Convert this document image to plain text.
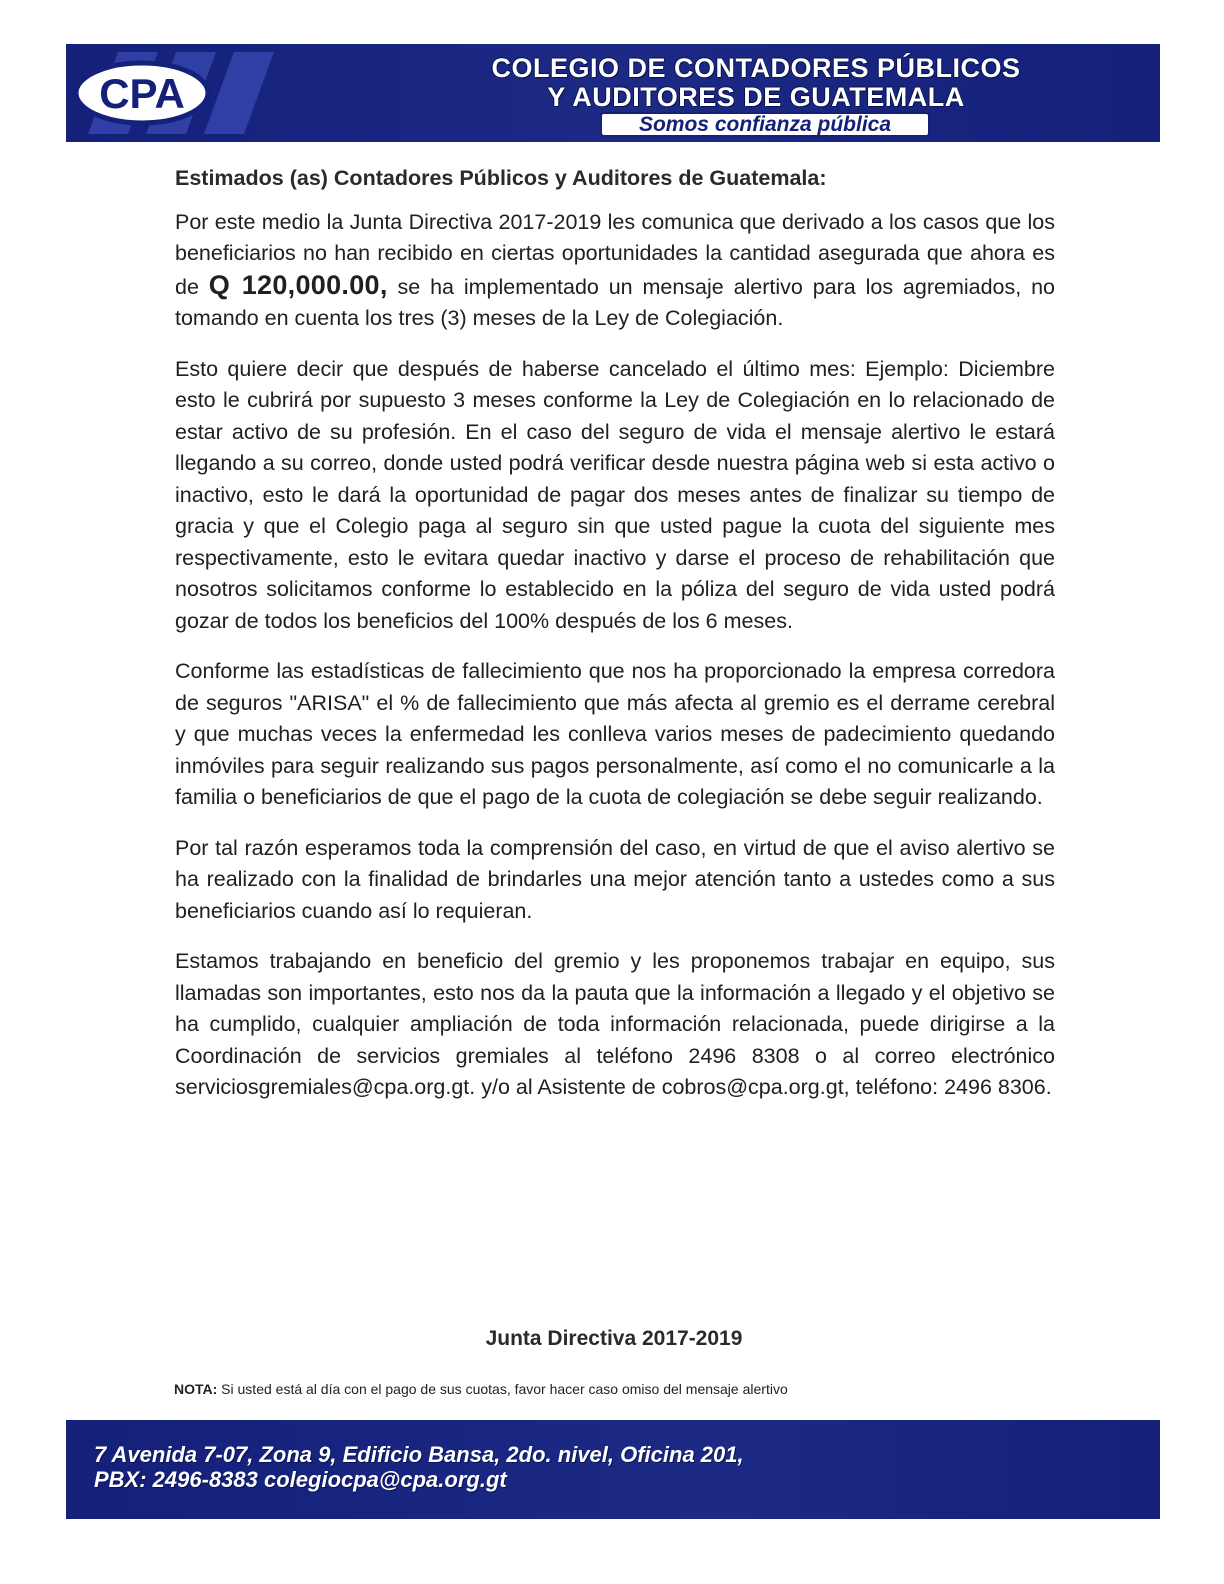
CPA
COLEGIO DE CONTADORES PÚBLICOS
Y AUDITORES DE GUATEMALA
Somos confianza pública
Estimados (as) Contadores Públicos y Auditores de Guatemala:

Por este medio la Junta Directiva 2017-2019 les comunica que derivado a los casos que los beneficiarios no han recibido en ciertas oportunidades la cantidad asegurada que ahora es de Q 120,000.00, se ha implementado un mensaje alertivo para los agremiados, no tomando en cuenta los tres (3) meses de la Ley de Colegiación.

Esto quiere decir que después de haberse cancelado el último mes: Ejemplo: Diciembre esto le cubrirá por supuesto 3 meses conforme la Ley de Colegiación en lo relacionado de estar activo de su profesión. En el caso del seguro de vida el mensaje alertivo le estará llegando a su correo, donde usted podrá verificar desde nuestra página web si esta activo o inactivo, esto le dará la oportunidad de pagar dos meses antes de finalizar su tiempo de gracia y que el Colegio paga al seguro sin que usted pague la cuota del siguiente mes respectivamente, esto le evitara quedar inactivo y darse el proceso de rehabilitación que nosotros solicitamos conforme lo establecido en la póliza del seguro de vida usted podrá gozar de todos los beneficios del 100% después de los 6 meses.

Conforme las estadísticas de fallecimiento que nos ha proporcionado la empresa corredora de seguros "ARISA" el % de fallecimiento que más afecta al gremio es el derrame cerebral y que muchas veces la enfermedad les conlleva varios meses de padecimiento quedando inmóviles para seguir realizando sus pagos personalmente, así como el no comunicarle a la familia o beneficiarios de que el pago de la cuota de colegiación se debe seguir realizando.

Por tal razón esperamos toda la comprensión del caso, en virtud de que el aviso alertivo se ha realizado con la finalidad de brindarles una mejor atención tanto a ustedes como a sus beneficiarios cuando así lo requieran.

Estamos trabajando en beneficio del gremio y les proponemos trabajar en equipo, sus llamadas son importantes, esto nos da la pauta que la información a llegado y el objetivo se ha cumplido, cualquier ampliación de toda información relacionada, puede dirigirse a la Coordinación de servicios gremiales al teléfono 2496 8308 o al correo electrónico serviciosgremiales@cpa.org.gt. y/o al Asistente de cobros@cpa.org.gt, teléfono: 2496 8306.

Junta Directiva 2017-2019
NOTA: Si usted está al día con el pago de sus cuotas, favor hacer caso omiso del mensaje alertivo
7 Avenida 7-07, Zona 9, Edificio Bansa, 2do. nivel, Oficina 201,
PBX: 2496-8383 colegiocpa@cpa.org.gt
